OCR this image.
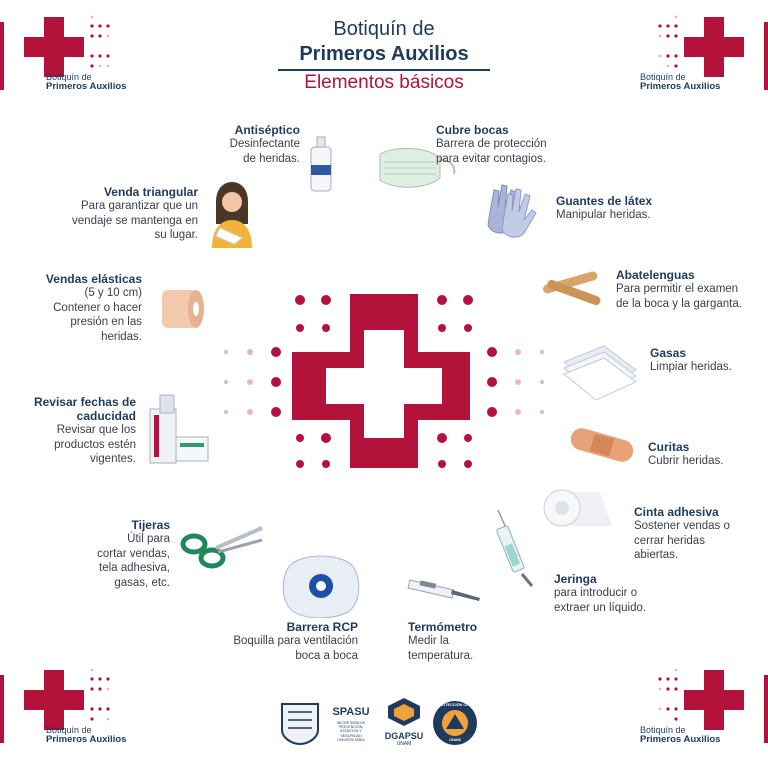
Botiquín de
Primeros Auxilios
Elementos básicos
Botiquín de
Primeros Auxilios
Botiquín de
Primeros Auxilios
Botiquín de
Primeros Auxilios
Botiquín de
Primeros Auxilios
Antiséptico

Desinfectante

de heridas.

Venda triangular

Para garantizar que un

vendaje se mantenga en

su lugar.

Vendas elásticas

(5 y 10 cm)

Contener o hacer

presión en las

heridas.

Revisar fechas de caducidad

Revisar que los

productos estén

vigentes.

Tijeras

Útil para

cortar vendas,

tela adhesiva,

gasas, etc.

Barrera RCP

Boquilla para ventilación

boca a boca

Termómetro

Medir la

temperatura.

Cubre bocas

Barrera de protección

para evitar contagios.

Guantes de látex

Manipular heridas.

Abatelenguas

Para permitir el examen

de la boca y la garganta.

Gasas

Limpiar heridas.

Curitas

Cubrir heridas.

Cinta adhesiva

Sostener vendas o

cerrar heridas

abiertas.

Jeringa

para introducir o

extraer un líquido.

SPASU
SECRETARÍA DE PREVENCIÓN, ATENCIÓN Y SEGURIDAD UNIVERSITARIA	DGAPSU
UNAM
PROTECCIÓN CIVIL
UNAM
